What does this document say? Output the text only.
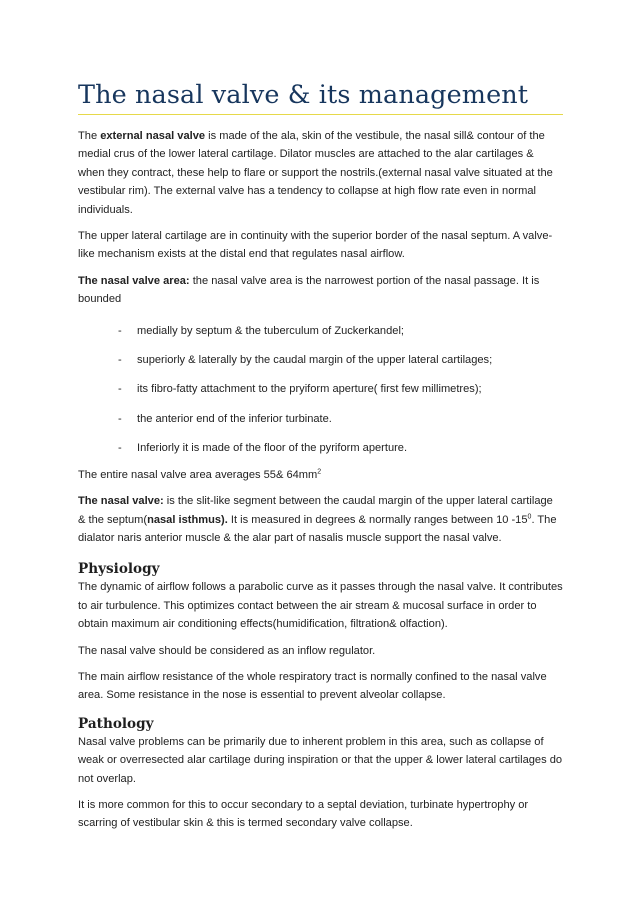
The nasal valve & its management

The external nasal valve is made of the ala, skin of the vestibule, the nasal sill& contour of the medial crus of the lower lateral cartilage. Dilator muscles are attached to the alar cartilages & when they contract, these help to flare or support the nostrils.(external nasal valve situated at the vestibular rim). The external valve has a tendency to collapse at high flow rate even in normal individuals.

The upper lateral cartilage are in continuity with the superior border of the nasal septum. A valve-like mechanism exists at the distal end that regulates nasal airflow.

The nasal valve area: the nasal valve area is the narrowest portion of the nasal passage. It is bounded

- medially by septum & the tuberculum of Zuckerkandel;
- superiorly & laterally by the caudal margin of the upper lateral cartilages;
- its fibro-fatty attachment to the pryiform aperture( first few millimetres);
- the anterior end of the inferior turbinate.
- Inferiorly it is made of the floor of the pyriform aperture.

The entire nasal valve area averages 55& $64mm^2$

The nasal valve: is the slit-like segment between the caudal margin of the upper lateral cartilage & the septum(nasal isthmus). It is measured in degrees & normally ranges between 10 $-15^0$. The dialator naris anterior muscle & the alar part of nasalis muscle support the nasal valve.

Physiology

The dynamic of airflow follows a parabolic curve as it passes through the nasal valve. It contributes to air turbulence. This optimizes contact between the air stream & mucosal surface in order to obtain maximum air conditioning effects(humidification, filtration& olfaction).

The nasal valve should be considered as an inflow regulator.

The main airflow resistance of the whole respiratory tract is normally confined to the nasal valve area. Some resistance in the nose is essential to prevent alveolar collapse.

Pathology

Nasal valve problems can be primarily due to inherent problem in this area, such as collapse of weak or overresected alar cartilage during inspiration or that the upper & lower lateral cartilages do not overlap.

It is more common for this to occur secondary to a septal deviation, turbinate hypertrophy or scarring of vestibular skin & this is termed secondary valve collapse.
